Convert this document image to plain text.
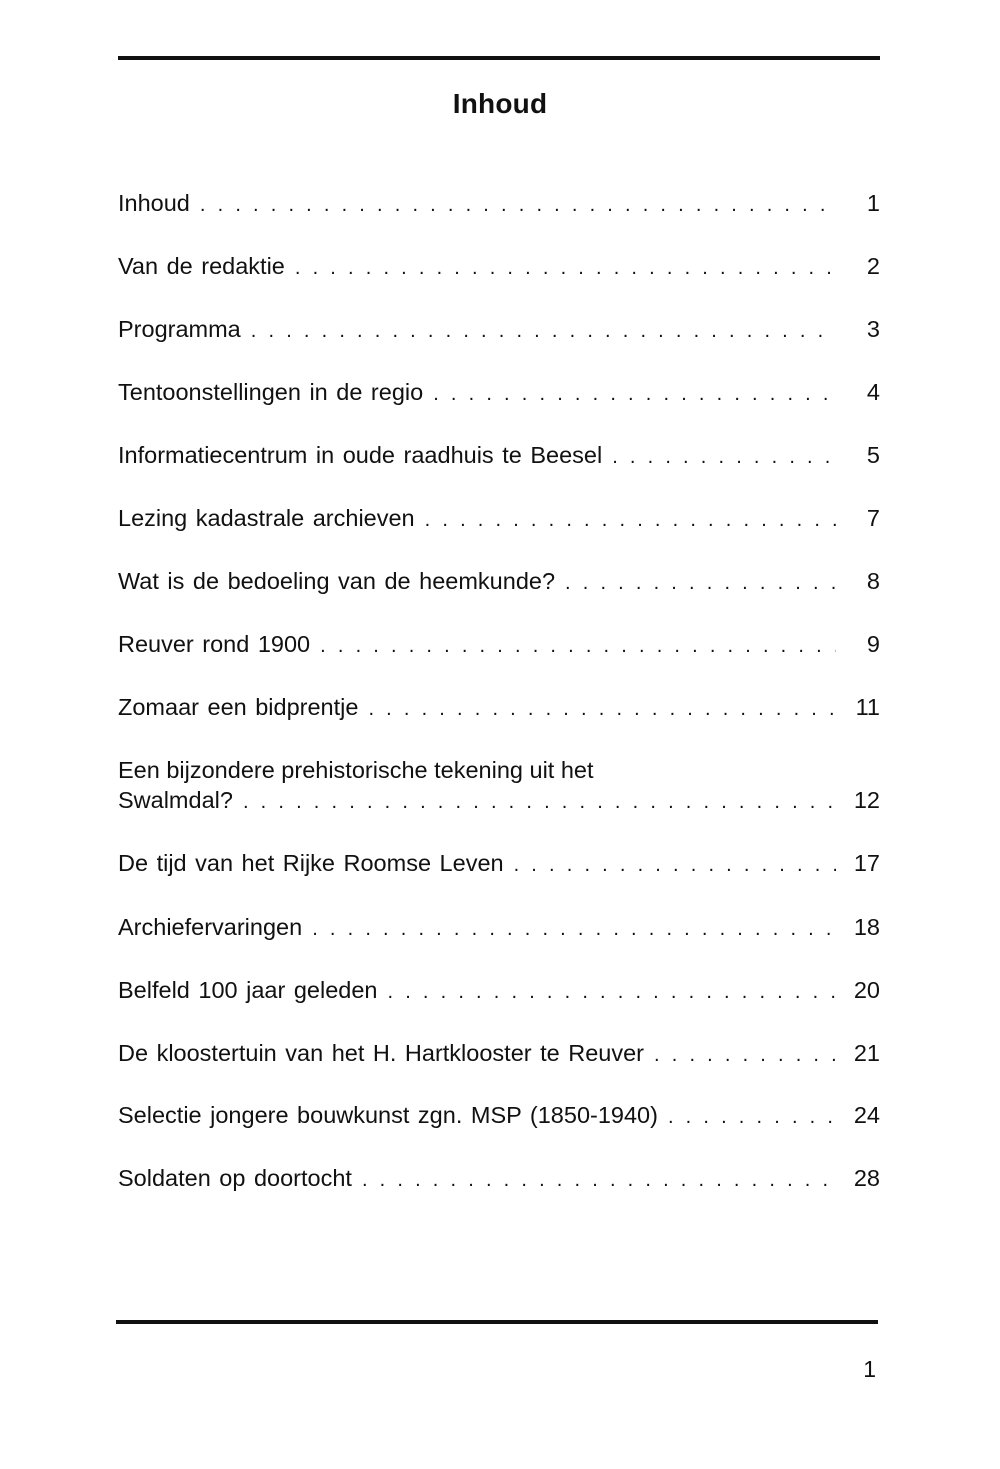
Inhoud
Inhoud . . .	1
Van de redaktie . . .	2
Programma . . .	3
Tentoonstellingen in de regio . . .	4
Informatiecentrum in oude raadhuis te Beesel . . .	5
Lezing kadastrale archieven . . .	7
Wat is de bedoeling van de heemkunde? . . .	8
Reuver rond 1900 . . .	9
Zomaar een bidprentje . . .	11
Een bijzondere prehistorische tekening uit het
Swalmdal? . . .	12
De tijd van het Rijke Roomse Leven . . .	17
Archiefervaringen . . .	18
Belfeld 100 jaar geleden . . .	20
De kloostertuin van het H. Hartklooster te Reuver . . .	21
Selectie jongere bouwkunst zgn. MSP (1850-1940) . . .	24
Soldaten op doortocht . . .	28
1
